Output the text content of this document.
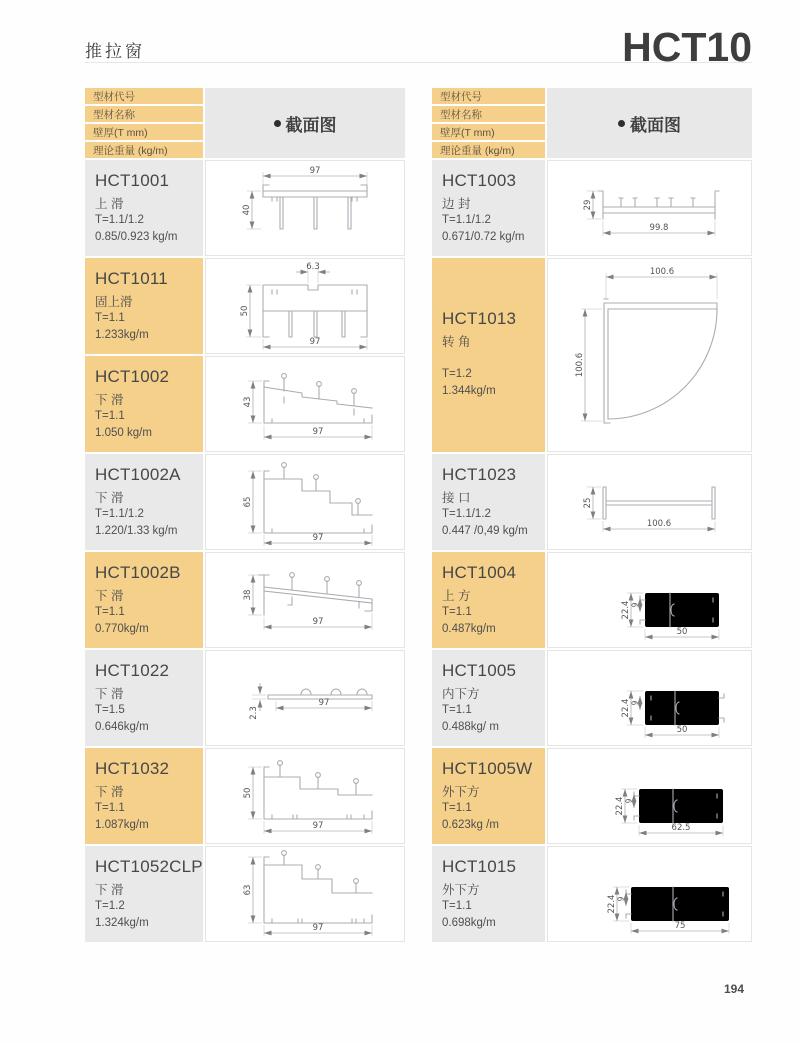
推拉窗	HCT10
型材代号
型材名称
壁厚(T mm)
理论重量 (kg/m)
截面图
HCT1001
上 滑
T=1.1/1.2
0.85/0.923 kg/m
97
40
HCT1011
固上滑
T=1.1
1.233kg/m
6.3
50
97
HCT1002
下 滑
T=1.1
1.050 kg/m
43
97
HCT1002A
下 滑
T=1.1/1.2
1.220/1.33 kg/m
65
97
HCT1002B
下 滑
T=1.1
0.770kg/m
38
97
HCT1022
下 滑
T=1.5
0.646kg/m
2.3
97
HCT1032
下 滑
T=1.1
1.087kg/m
50
97
HCT1052CLP
下 滑
T=1.2
1.324kg/m
63
97
型材代号
型材名称
壁厚(T mm)
理论重量 (kg/m)
截面图
HCT1003
边 封
T=1.1/1.2
0.671/0.72 kg/m
29
99.8
HCT1013
转 角
T=1.2
1.344kg/m
100.6
100.6
HCT1023
接 口
T=1.1/1.2
0.447 /0,49 kg/m
25
100.6
HCT1004
上 方
T=1.1
0.487kg/m
22.4 9
50
HCT1005
内下方
T=1.1
0.488kg/ m
22.4 9
50
HCT1005W
外下方
T=1.1
0.623kg /m
22.4 9
62.5
HCT1015
外下方
T=1.1
0.698kg/m
22.4 9
75
194
